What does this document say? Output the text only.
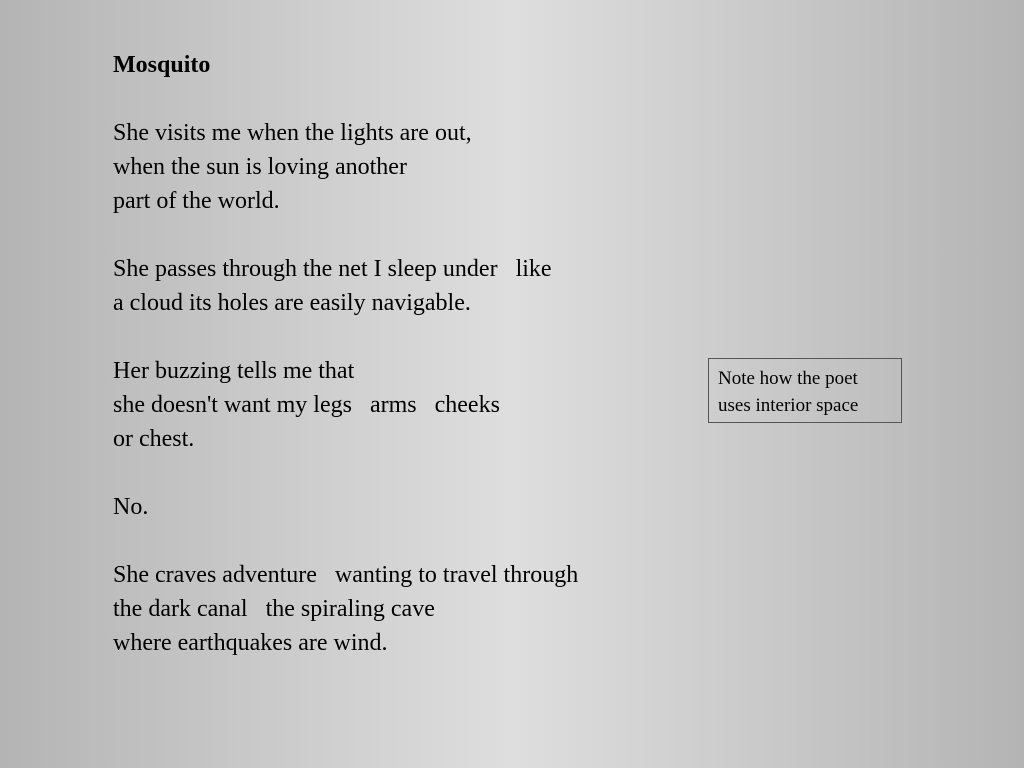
Mosquito

She visits me when the lights are out,

when the sun is loving another

part of the world.

She passes through the net I sleep under   like

a cloud its holes are easily navigable.

Her buzzing tells me that

she doesn't want my legs   arms   cheeks

or chest.

No.

She craves adventure   wanting to travel through

the dark canal   the spiraling cave

where earthquakes are wind.

Note how the poet
uses interior space
